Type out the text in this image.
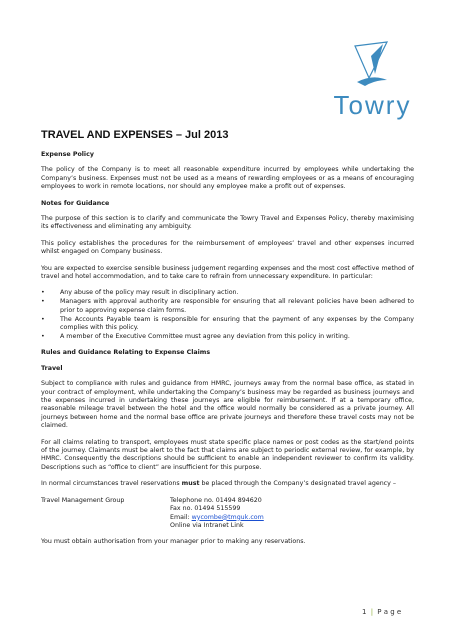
Towry
TRAVEL AND EXPENSES – Jul 2013
Expense Policy

The policy of the Company is to meet all reasonable expenditure incurred by employees while undertaking the Company’s business. Expenses must not be used as a means of rewarding employees or as a means of encouraging employees to work in remote locations, nor should any employee make a profit out of expenses.

Notes for Guidance

The purpose of this section is to clarify and communicate the Towry Travel and Expenses Policy, thereby maximising its effectiveness and eliminating any ambiguity.

This policy establishes the procedures for the reimbursement of employees’ travel and other expenses incurred whilst engaged on Company business.

You are expected to exercise sensible business judgement regarding expenses and the most cost effective method of travel and hotel accommodation, and to take care to refrain from unnecessary expenditure. In particular:

• Any abuse of the policy may result in disciplinary action.
• Managers with approval authority are responsible for ensuring that all relevant policies have been adhered to prior to approving expense claim forms.
• The Accounts Payable team is responsible for ensuring that the payment of any expenses by the Company complies with this policy.
• A member of the Executive Committee must agree any deviation from this policy in writing.
Rules and Guidance Relating to Expense Claims
Travel

Subject to compliance with rules and guidance from HMRC, journeys away from the normal base office, as stated in your contract of employment, while undertaking the Company’s business may be regarded as business journeys and the expenses incurred in undertaking these journeys are eligible for reimbursement. If at a temporary office, reasonable mileage travel between the hotel and the office would normally be considered as a private journey. All journeys between home and the normal base office are private journeys and therefore these travel costs may not be claimed.

For all claims relating to transport, employees must state specific place names or post codes as the start/end points of the journey. Claimants must be alert to the fact that claims are subject to periodic external review, for example, by HMRC. Consequently the descriptions should be sufficient to enable an independent reviewer to confirm its validity. Descriptions such as “office to client” are insufficient for this purpose.

In normal circumstances travel reservations must be placed through the Company’s designated travel agency –

Travel Management Group	Telephone no. 01494 894620
Fax no. 01494 515599
Email: wycombe@tmguk.com
Online via Intranet Link

You must obtain authorisation from your manager prior to making any reservations.

1 | P a g e
